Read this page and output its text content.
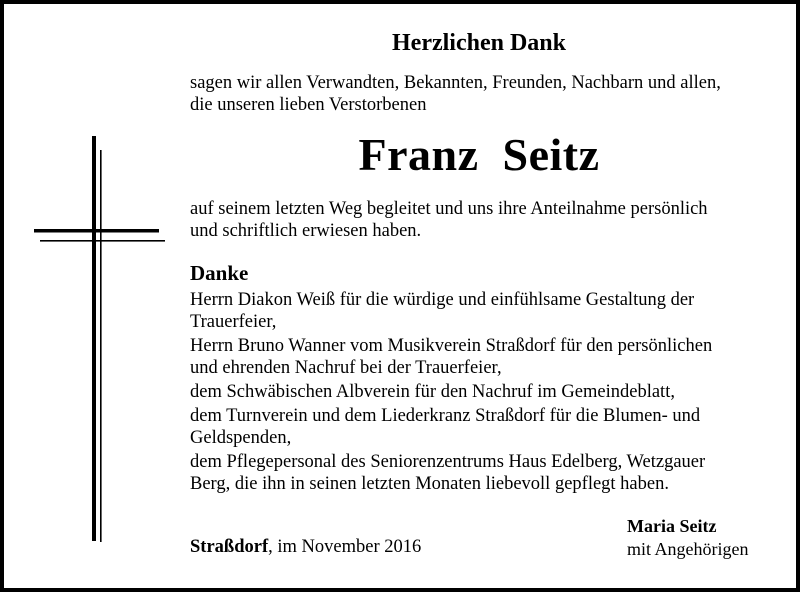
Herzlichen Dank
sagen wir allen Verwandten, Bekannten, Freunden, Nachbarn und allen,
die unseren lieben Verstorbenen
Franz  Seitz
auf seinem letzten Weg begleitet und uns ihre Anteilnahme persönlich
und schriftlich erwiesen haben.
Danke
Herrn Diakon Weiß für die würdige und einfühlsame Gestaltung der
Trauerfeier,
Herrn Bruno Wanner vom Musikverein Straßdorf für den persönlichen
und ehrenden Nachruf bei der Trauerfeier,
dem Schwäbischen Albverein für den Nachruf im Gemeindeblatt,
dem Turnverein und dem Liederkranz Straßdorf für die Blumen- und
Geldspenden,
dem Pflegepersonal des Seniorenzentrums Haus Edelberg, Wetzgauer
Berg, die ihn in seinen letzten Monaten liebevoll gepflegt haben.
Straßdorf, im November 2016
Maria Seitz
mit Angehörigen
